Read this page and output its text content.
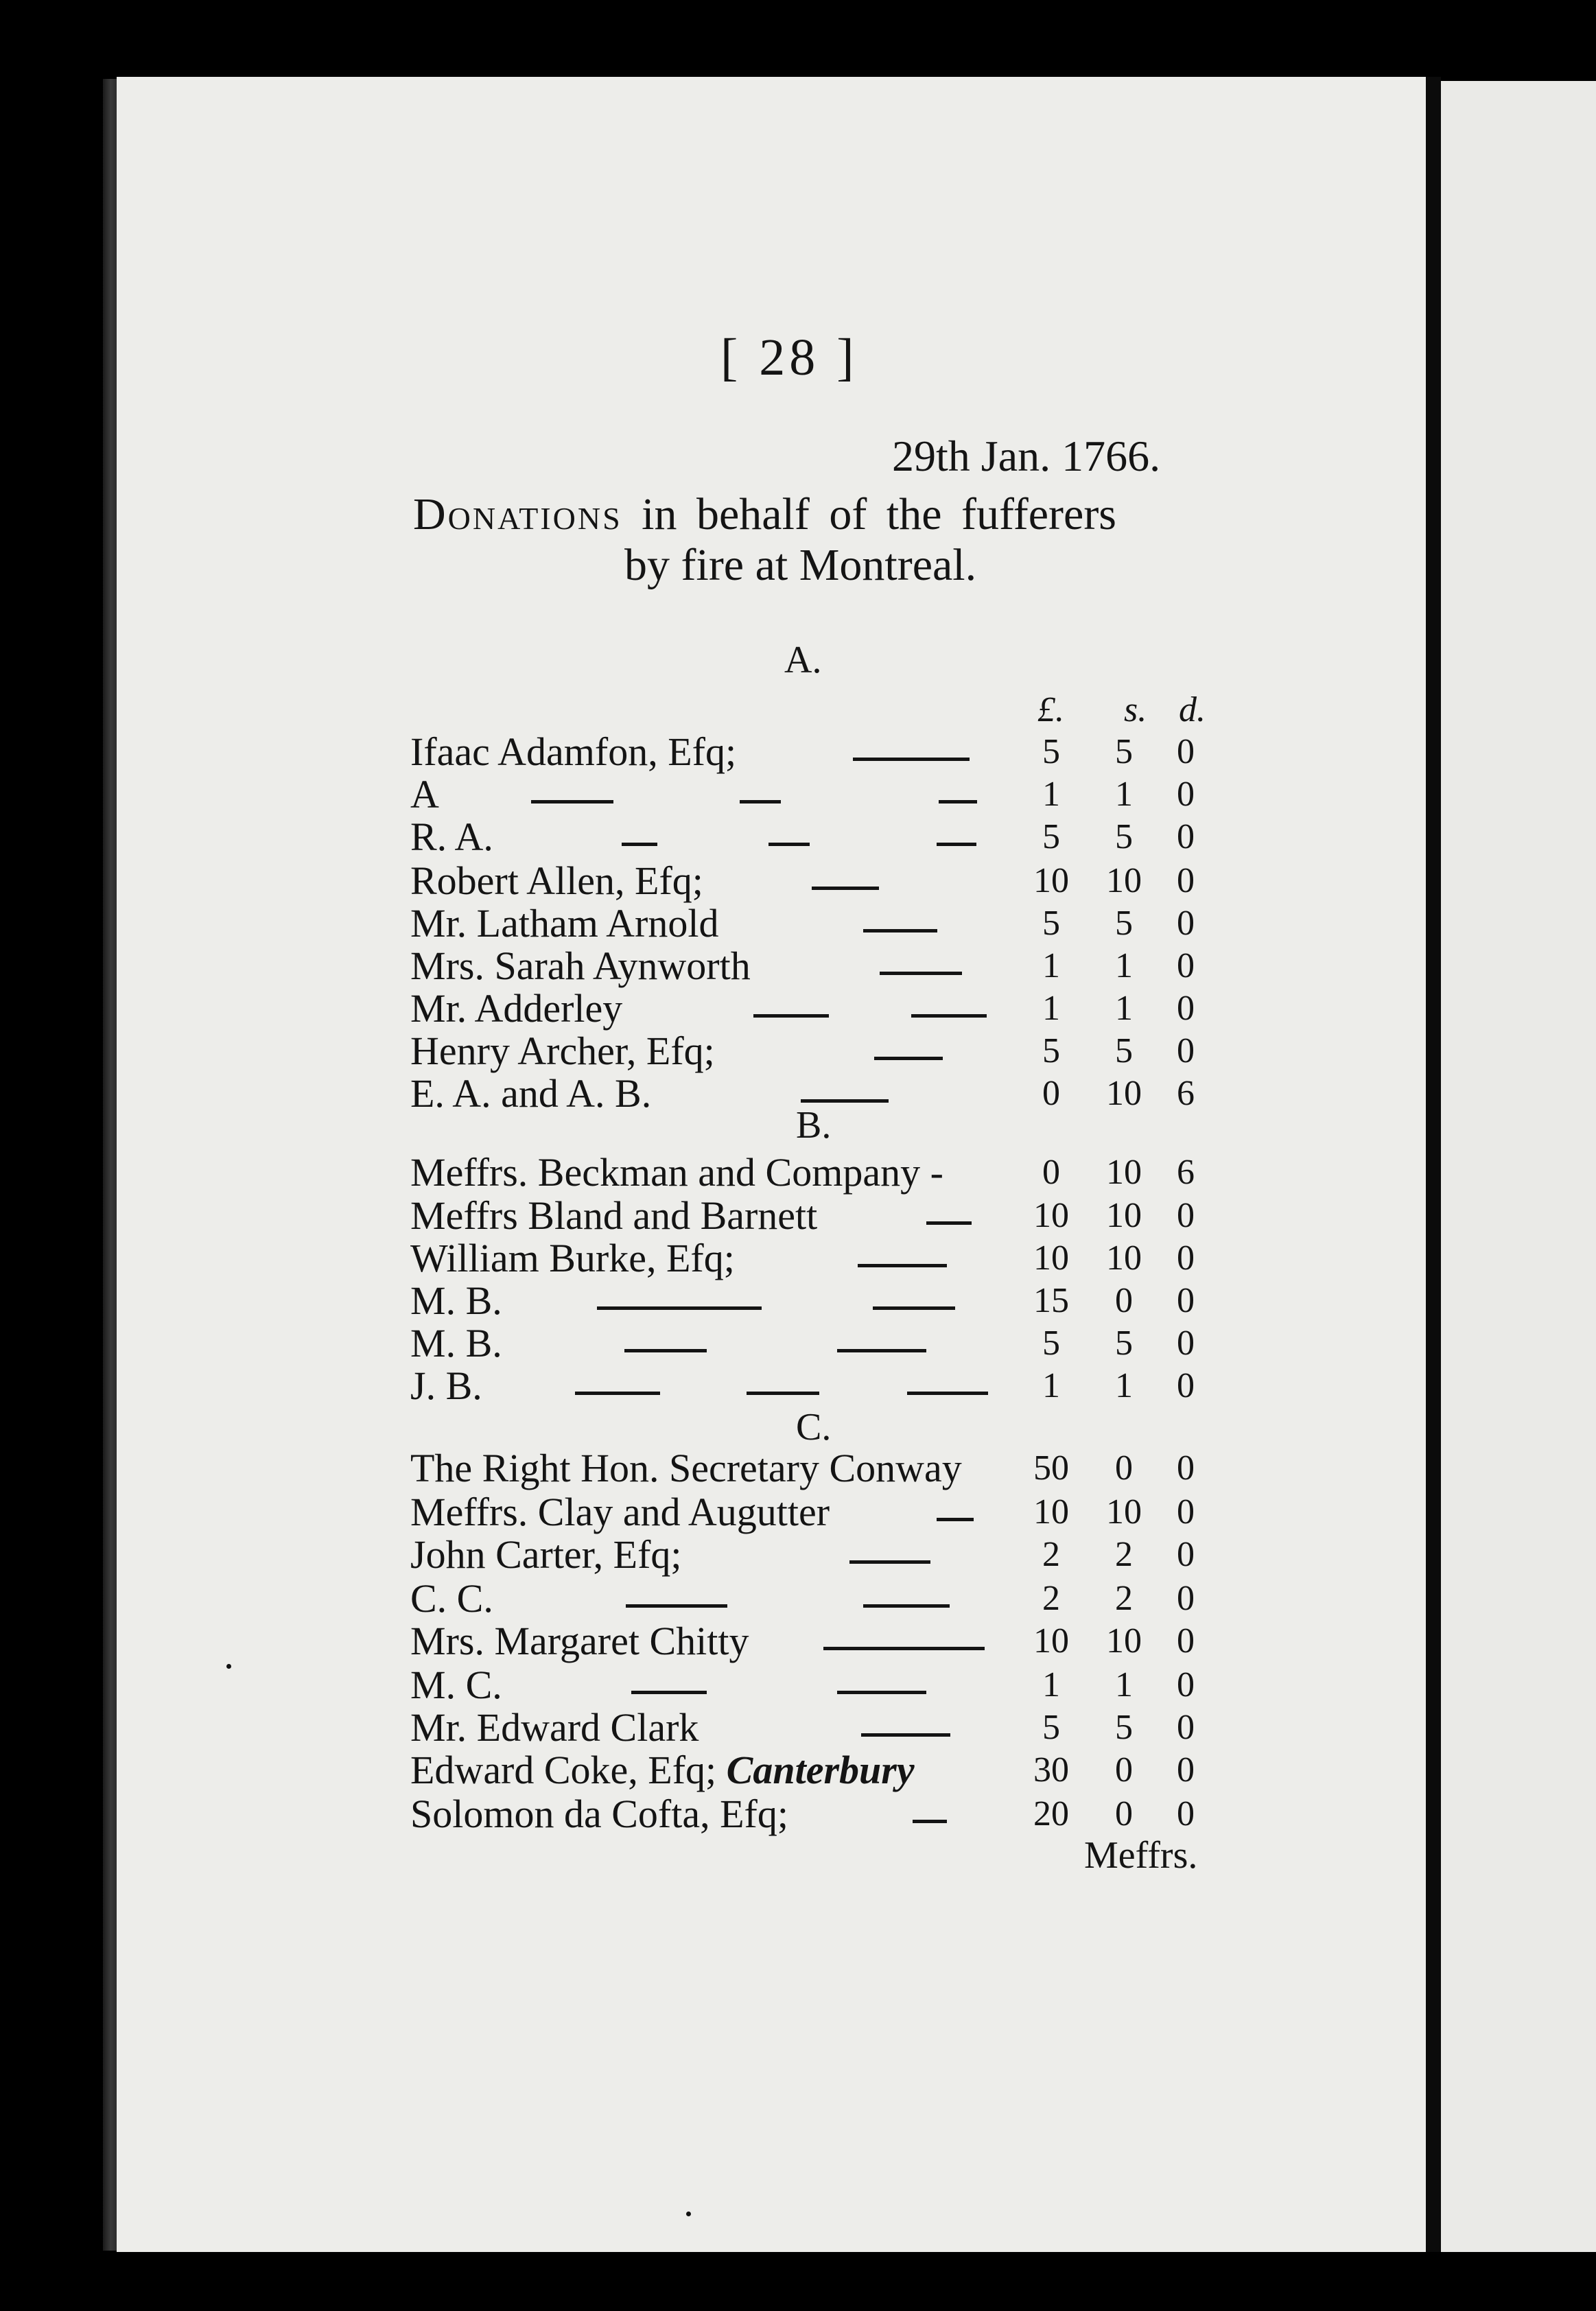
[ 28 ]
29th Jan. 1766.
Donations in behalf of the fufferers
by fire at Montreal.
£. s. d.
Meffrs.
A.
Ifaac Adamfon, Efq;	5	5	0
A	1	1	0
R. A.	5	5	0
Robert Allen, Efq;	10 10 0
Mr. Latham Arnold	5	5	0
Mrs. Sarah Aynworth	1	1	0
Mr. Adderley	1	1	0
Henry Archer, Efq;	5	5	0
E. A. and A. B.	0	10 6
B.
Meffrs. Beckman and Company -	0	10 6
Meffrs Bland and Barnett	10 10 0
William Burke, Efq;	10 10 0
M. B.	15	0	0
M. B.	5	5	0
J. B.	1	1	0
C.
The Right Hon. Secretary Conway 50	0	0
Meffrs. Clay and Augutter	10 10 0
John Carter, Efq;	2	2	0
C. C.	2	2	0
Mrs. Margaret Chitty	10 10 0
M. C.	1	1	0
Mr. Edward Clark	5	5	0
Edward Coke, Efq; Canterbury	30	0	0
Solomon da Cofta, Efq;	20	0	0
